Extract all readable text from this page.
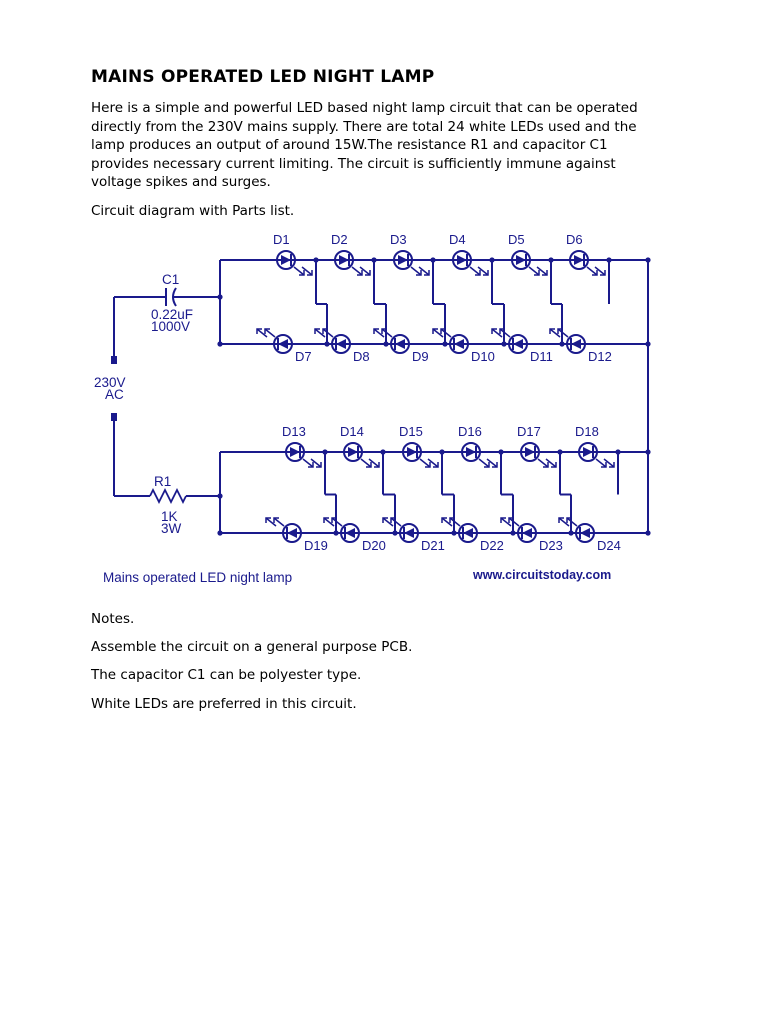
MAINS OPERATED LED NIGHT LAMP
Here is a simple and powerful LED based night lamp circuit that can be operated
directly from the 230V mains supply. There are total 24 white LEDs used and the
lamp produces an output of around 15W.The resistance R1 and capacitor C1
provides necessary current limiting. The circuit is sufficiently immune against
voltage spikes and surges.

Circuit diagram with Parts list.

Notes.

Assemble the circuit on a general purpose PCB.

The capacitor C1 can be polyester type.

White LEDs are preferred in this circuit.

230V
AC
C1
0.22uF
1000V
R1
1K
3W
Mains operated LED night lamp	www.circuitstoday.com
D1
D7
D2
D8
D3
D9
D4
D10
D5
D11
D6
D12
D13
D19
D14
D20
D15
D21
D16
D22
D17
D23
D18
D24
